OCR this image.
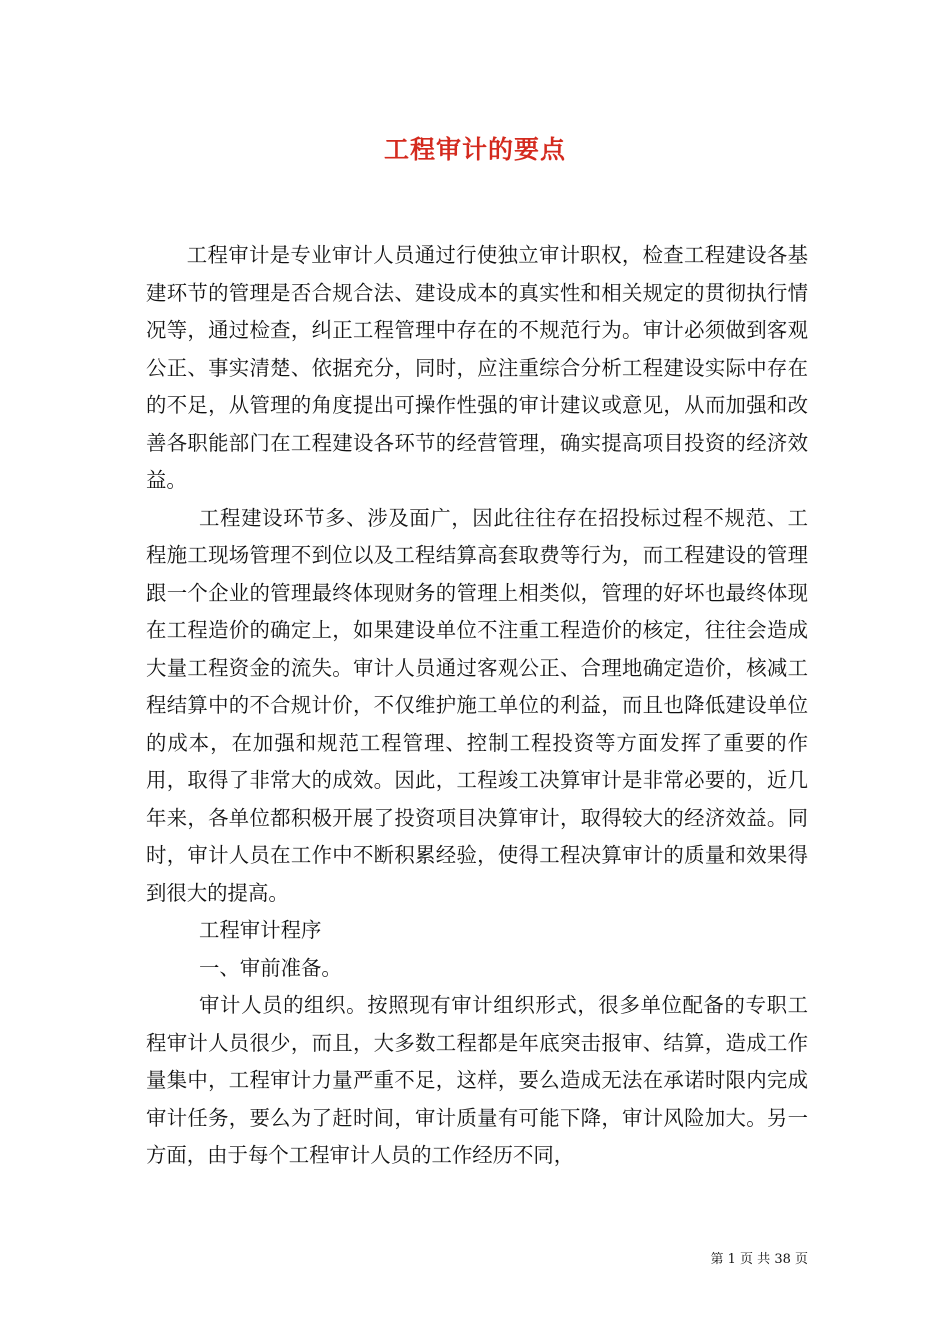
工程审计的要点

工程审计是专业审计人员通过行使独立审计职权，检查工程建设各基建环节的管理是否合规合法、建设成本的真实性和相关规定的贯彻执行情况等，通过检查，纠正工程管理中存在的不规范行为。审计必须做到客观公正、事实清楚、依据充分，同时，应注重综合分析工程建设实际中存在的不足，从管理的角度提出可操作性强的审计建议或意见，从而加强和改善各职能部门在工程建设各环节的经营管理，确实提高项目投资的经济效益。

工程建设环节多、涉及面广，因此往往存在招投标过程不规范、工程施工现场管理不到位以及工程结算高套取费等行为，而工程建设的管理跟一个企业的管理最终体现财务的管理上相类似，管理的好坏也最终体现在工程造价的确定上，如果建设单位不注重工程造价的核定，往往会造成大量工程资金的流失。审计人员通过客观公正、合理地确定造价，核减工程结算中的不合规计价，不仅维护施工单位的利益，而且也降低建设单位的成本，在加强和规范工程管理、控制工程投资等方面发挥了重要的作用，取得了非常大的成效。因此，工程竣工决算审计是非常必要的，近几年来，各单位都积极开展了投资项目决算审计，取得较大的经济效益。同时，审计人员在工作中不断积累经验，使得工程决算审计的质量和效果得到很大的提高。

工程审计程序

一、审前准备。

审计人员的组织。按照现有审计组织形式，很多单位配备的专职工程审计人员很少，而且，大多数工程都是年底突击报审、结算，造成工作量集中，工程审计力量严重不足，这样，要么造成无法在承诺时限内完成审计任务，要么为了赶时间，审计质量有可能下降，审计风险加大。另一方面，由于每个工程审计人员的工作经历不同，

第 1 页 共 38 页
